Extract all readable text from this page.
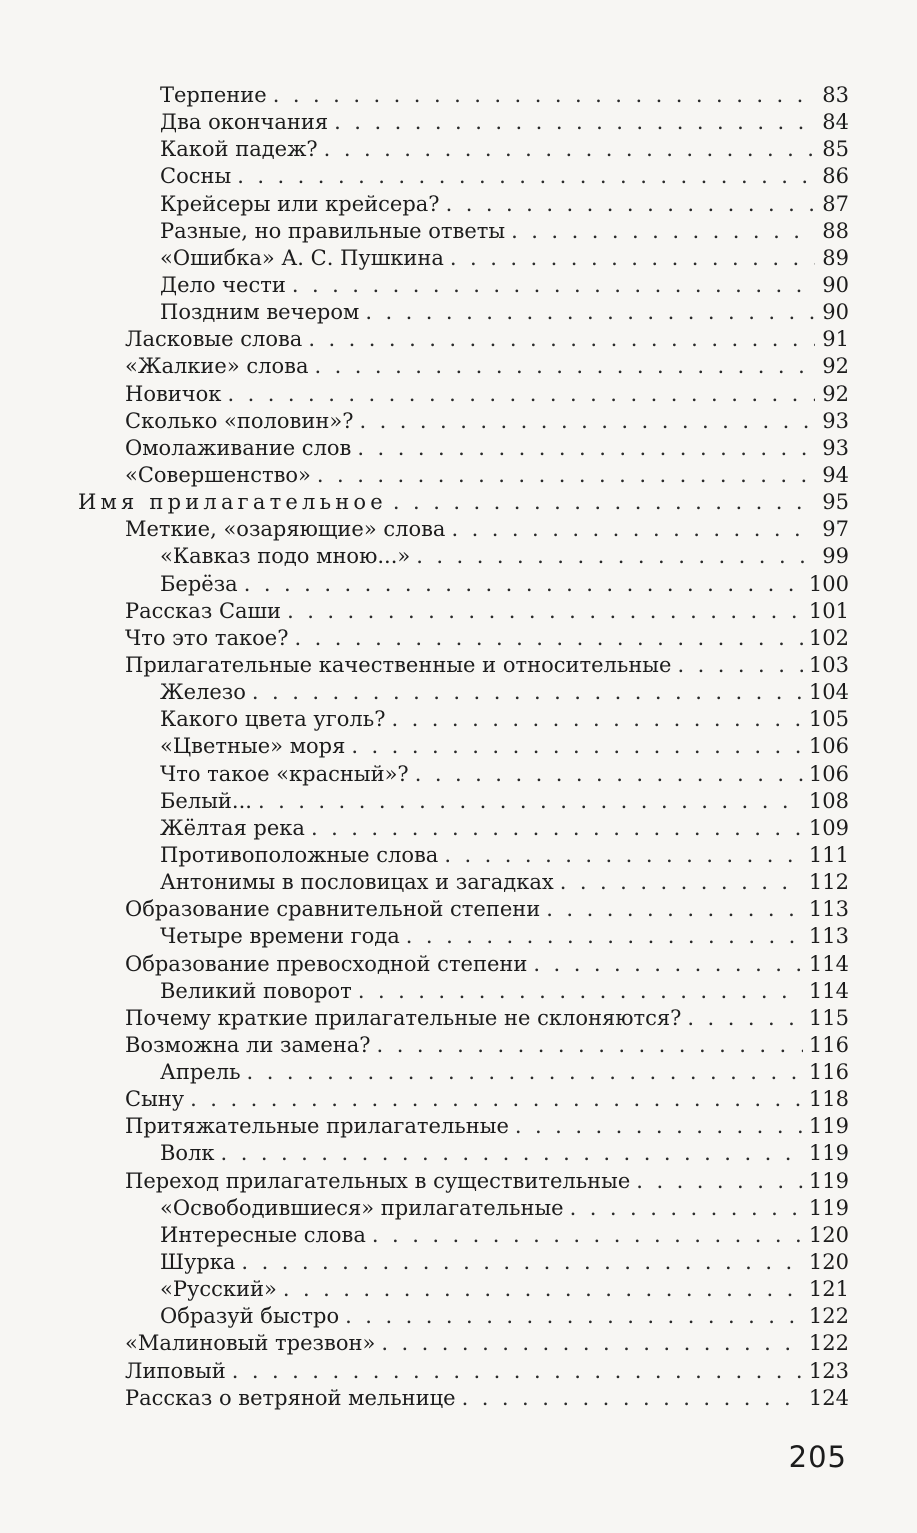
Терпение . . .	83
Два окончания . . .	84
Какой падеж? . . .	85
Сосны . . .	86
Крейсеры или крейсера? . . .	87
Разные, но правильные ответы . . .	88
«Ошибка» А. С. Пушкина . . .	89
Дело чести . . .	90
Поздним вечером . . .	90
Ласковые слова . . .	91
«Жалкие» слова . . .	92
Новичок . . .	92
Сколько «половин»? . . .	93
Омолаживание слов . . .	93
«Совершенство» . . .	94
Имя прилагательное . . .	95
Меткие, «озаряющие» слова . . .	97
«Кавказ подо мною...» . . .	99
Берёза . . .	100
Рассказ Саши . . .	101
Что это такое? . . .	102
Прилагательные качественные и относительные . . .	103
Железо . . .	104
Какого цвета уголь? . . .	105
«Цветные» моря . . .	106
Что такое «красный»? . . .	106
Белый... . . .	108
Жёлтая река . . .	109
Противоположные слова . . .	111
Антонимы в пословицах и загадках . . .	112
Образование сравнительной степени . . .	113
Четыре времени года . . .	113
Образование превосходной степени . . .	114
Великий поворот . . .	114
Почему краткие прилагательные не склоняются? . . .	115
Возможна ли замена? . . .	116
Апрель . . .	116
Сыну . . .	118
Притяжательные прилагательные . . .	119
Волк . . .	119
Переход прилагательных в существительные . . .	119
«Освободившиеся» прилагательные . . .	119
Интересные слова . . .	120
Шурка . . .	120
«Русский» . . .	121
Образуй быстро . . .	122
«Малиновый трезвон» . . .	122
Липовый . . .	123
Рассказ о ветряной мельнице . . .	124
205
